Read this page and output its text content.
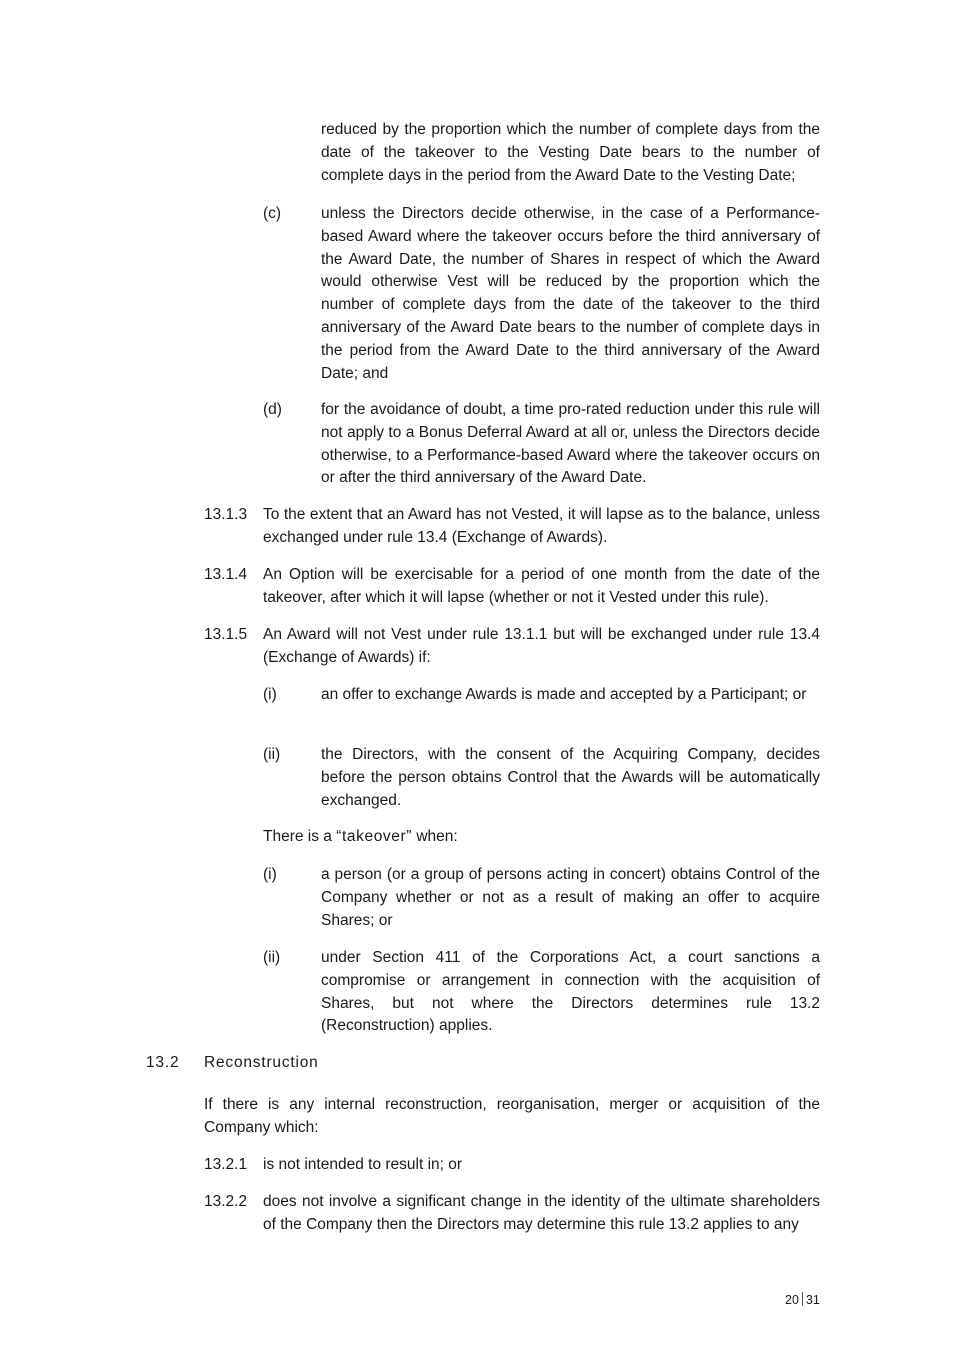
reduced by the proportion which the number of complete days from the date of the takeover to the Vesting Date bears to the number of complete days in the period from the Award Date to the Vesting Date;
(c)	unless the Directors decide otherwise, in the case of a Performance-based Award where the takeover occurs before the third anniversary of the Award Date, the number of Shares in respect of which the Award would otherwise Vest will be reduced by the proportion which the number of complete days from the date of the takeover to the third anniversary of the Award Date bears to the number of complete days in the period from the Award Date to the third anniversary of the Award Date; and
(d)	for the avoidance of doubt, a time pro-rated reduction under this rule will not apply to a Bonus Deferral Award at all or, unless the Directors decide otherwise, to a Performance-based Award where the takeover occurs on or after the third anniversary of the Award Date.
13.1.3 To the extent that an Award has not Vested, it will lapse as to the balance, unless exchanged under rule 13.4 (Exchange of Awards).
13.1.4 An Option will be exercisable for a period of one month from the date of the takeover, after which it will lapse (whether or not it Vested under this rule).
13.1.5 An Award will not Vest under rule 13.1.1 but will be exchanged under rule 13.4 (Exchange of Awards) if:
(i)	an offer to exchange Awards is made and accepted by a Participant; or
(ii)	the Directors, with the consent of the Acquiring Company, decides before the person obtains Control that the Awards will be automatically exchanged.
There is a “takeover” when:
(i)	a person (or a group of persons acting in concert) obtains Control of the Company whether or not as a result of making an offer to acquire Shares; or
(ii)	under Section 411 of the Corporations Act, a court sanctions a compromise or arrangement in connection with the acquisition of Shares, but not where the Directors determines rule 13.2 (Reconstruction) applies.
13.2 Reconstruction
If there is any internal reconstruction, reorganisation, merger or acquisition of the Company which:
13.2.1 is not intended to result in; or
13.2.2 does not involve a significant change in the identity of the ultimate shareholders of the Company then the Directors may determine this rule 13.2 applies to any
20 31
